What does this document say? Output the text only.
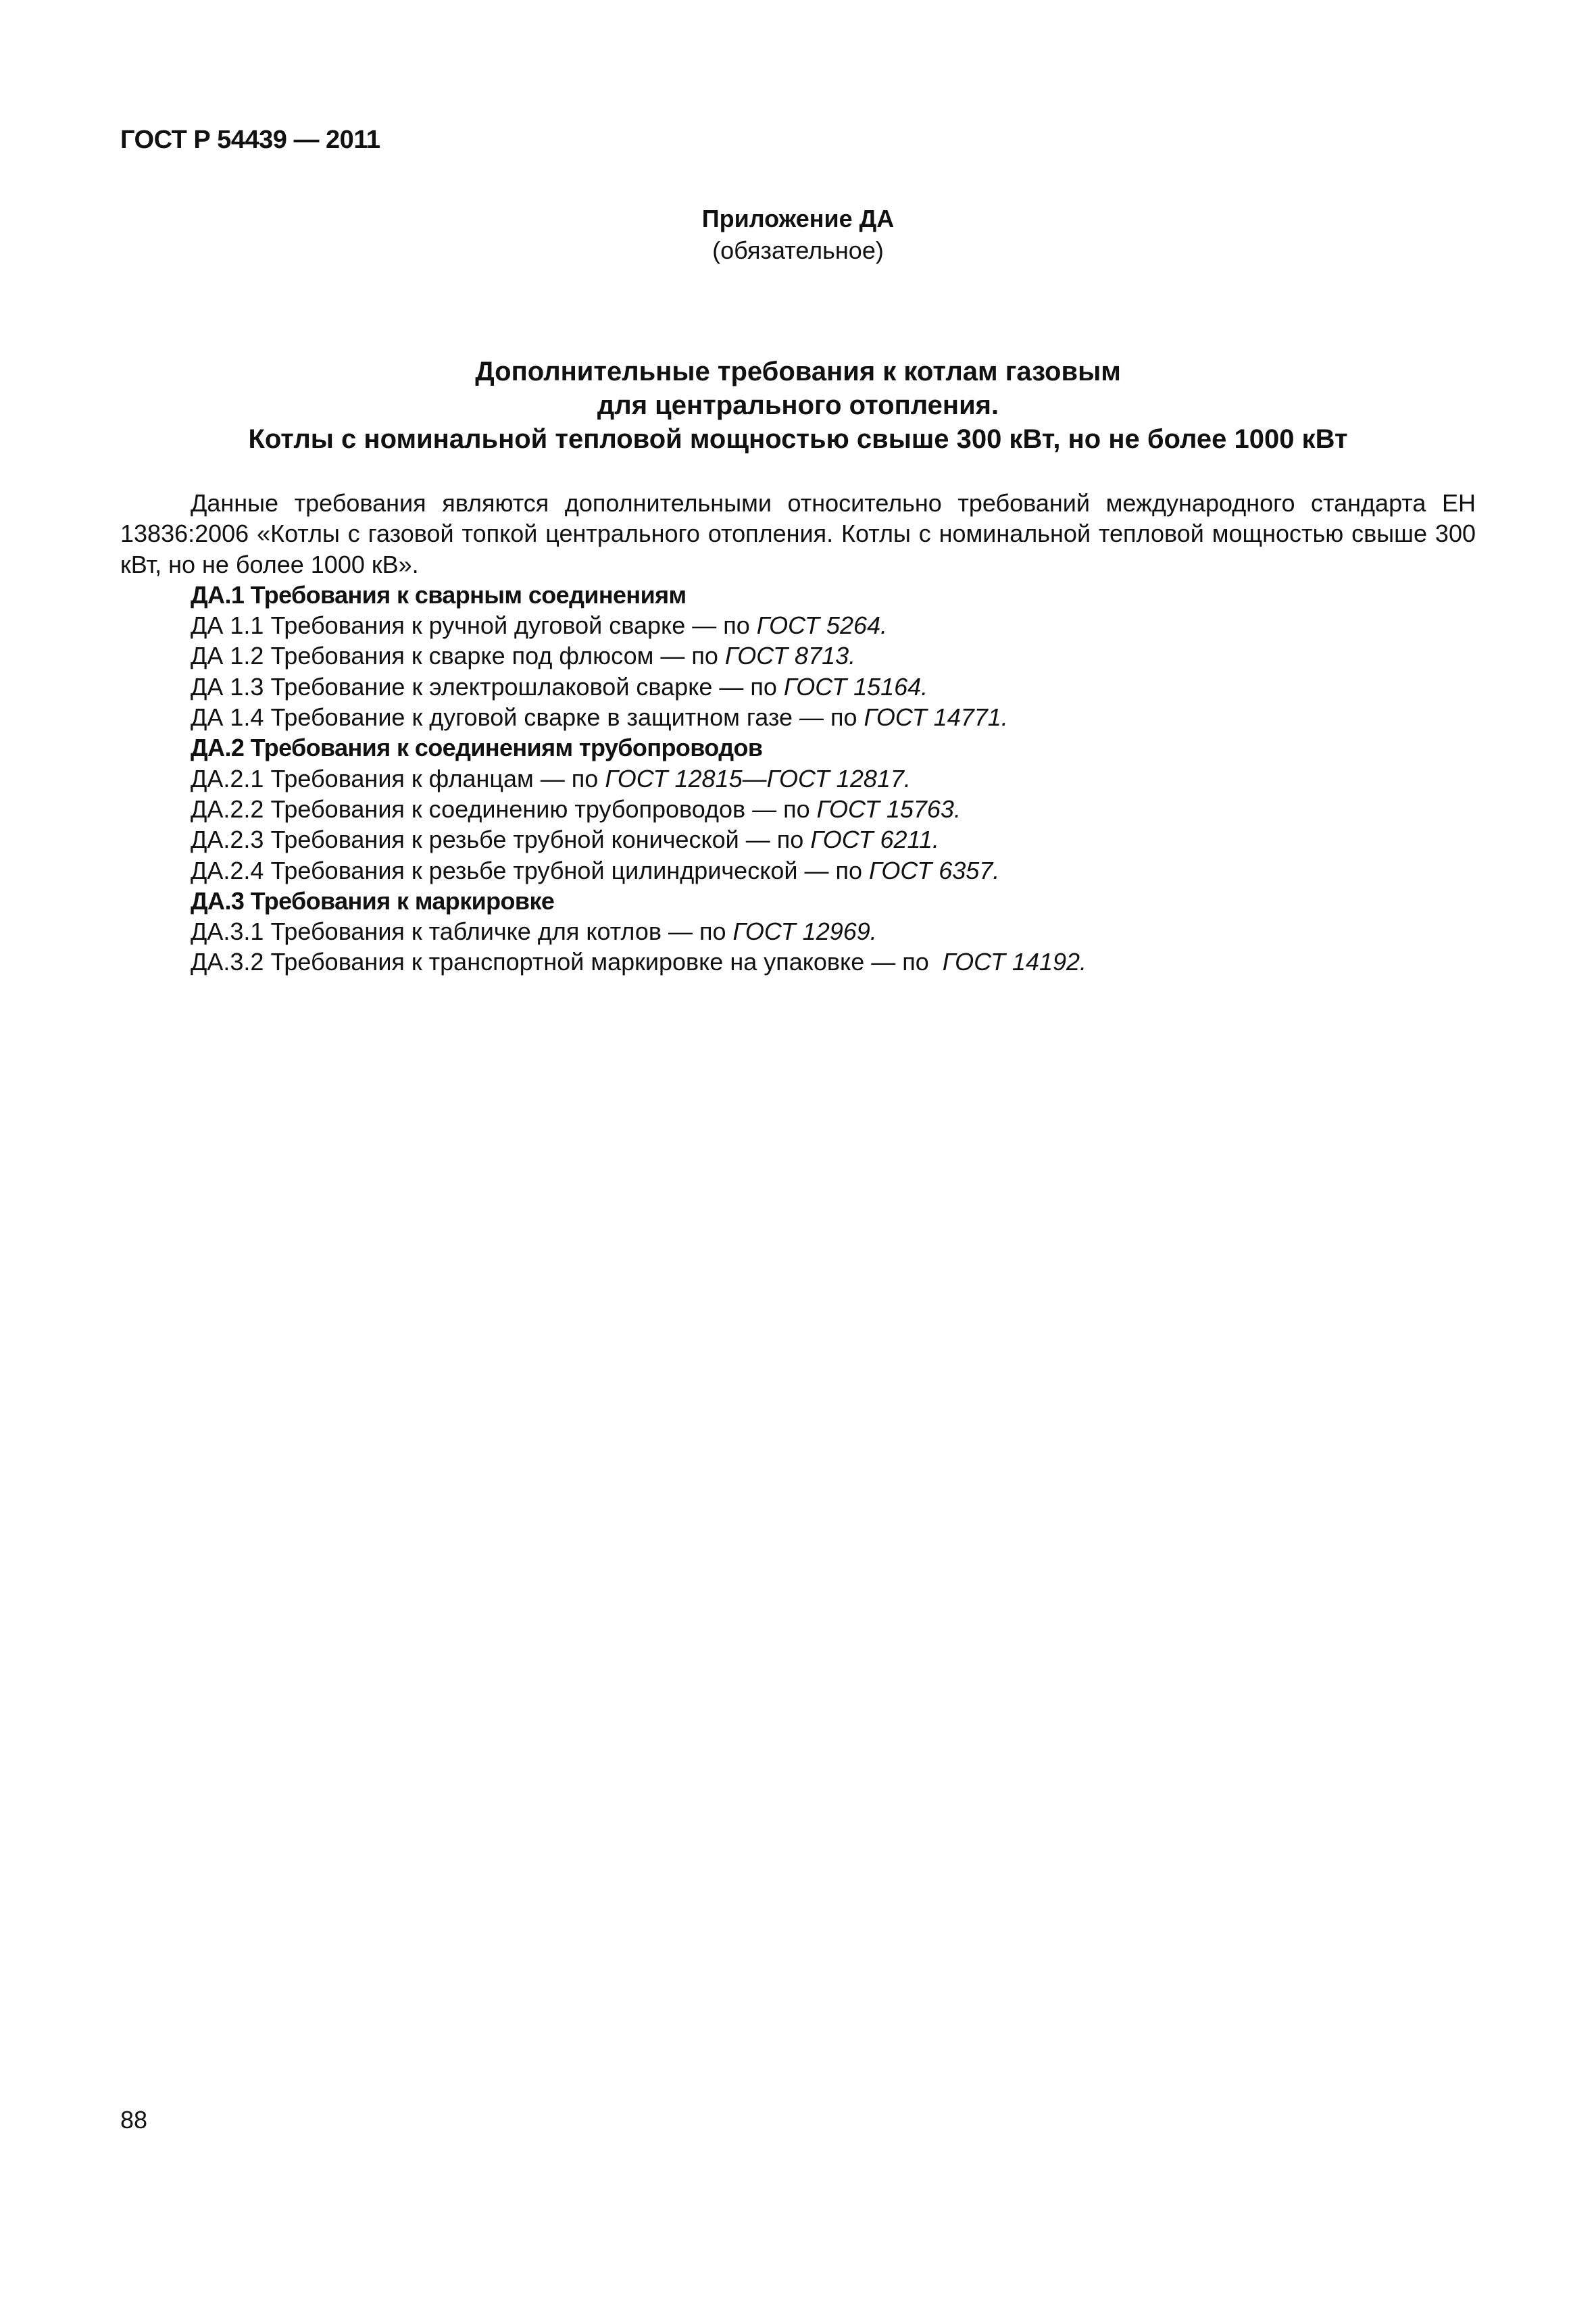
ГОСТ Р 54439 — 2011
Приложение ДА
(обязательное)
Дополнительные требования к котлам газовым
для центрального отопления.
Котлы с номинальной тепловой мощностью свыше 300 кВт, но не более 1000 кВт

Данные требования являются дополнительными относительно требований международного стандарта ЕН 13836:2006 «Котлы с газовой топкой центрального отопления. Котлы с номинальной тепловой мощностью свыше 300 кВт, но не более 1000 кВ».

ДА.1 Требования к сварным соединениям

ДА 1.1 Требования к ручной дуговой сварке — по ГОСТ 5264.

ДА 1.2 Требования к сварке под флюсом — по ГОСТ 8713.

ДА 1.3 Требование к электрошлаковой сварке — по ГОСТ 15164.

ДА 1.4 Требование к дуговой сварке в защитном газе — по ГОСТ 14771.

ДА.2 Требования к соединениям трубопроводов

ДА.2.1 Требования к фланцам — по ГОСТ 12815—ГОСТ 12817.

ДА.2.2 Требования к соединению трубопроводов — по ГОСТ 15763.

ДА.2.3 Требования к резьбе трубной конической — по ГОСТ 6211.

ДА.2.4 Требования к резьбе трубной цилиндрической — по ГОСТ 6357.

ДА.3 Требования к маркировке

ДА.3.1 Требования к табличке для котлов — по ГОСТ 12969.

ДА.3.2 Требования к транспортной маркировке на упаковке — по  ГОСТ 14192.

88
